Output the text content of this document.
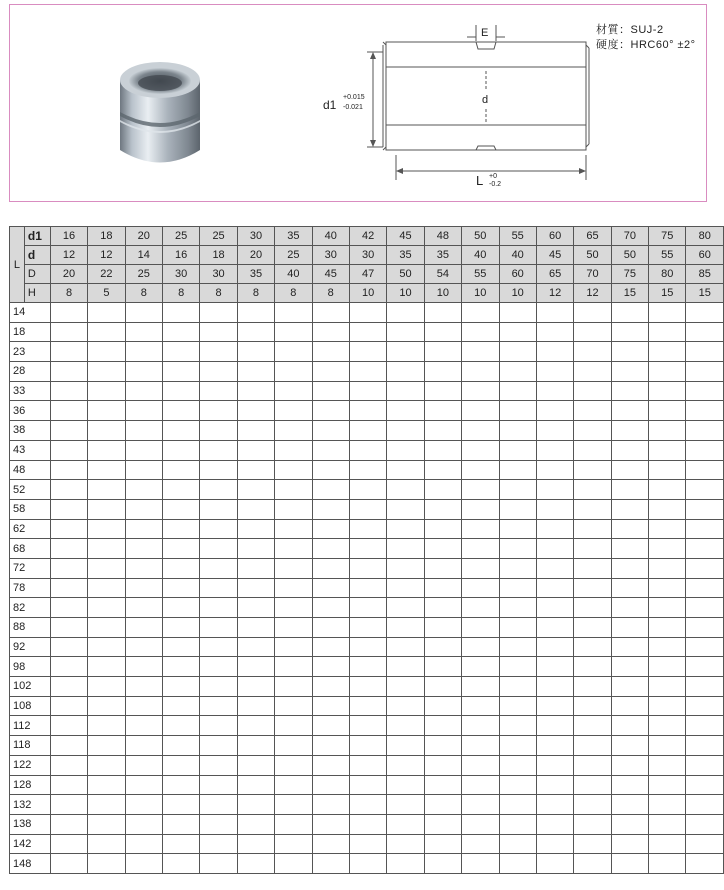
E
d1
+0.015
-0.021
d
L +0
-0.2
材質：SUJ-2
硬度：HRC60° ±2°
L	d1	16	18	20	25	25	30	35	40	42	45	48	50	55	60	65	70	75	80
	d	12	12	14	16	18	20	25	30	30	35	35	40	40	45	50	50	55	60
	D	20	22	25	30	30	35	40	45	47	50	54	55	60	65	70	75	80	85
	H	8	5	8	8	8	8	8	8	10	10	10	10	10	12	12	15	15	15
14																			
18																			
23																			
28																			
33																			
36																			
38																			
43																			
48																			
52																			
58																			
62																			
68																			
72																			
78																			
82																			
88																			
92																			
98																			
102																			
108																			
112																			
118																			
122																			
128																			
132																			
138																			
142																			
148																			
